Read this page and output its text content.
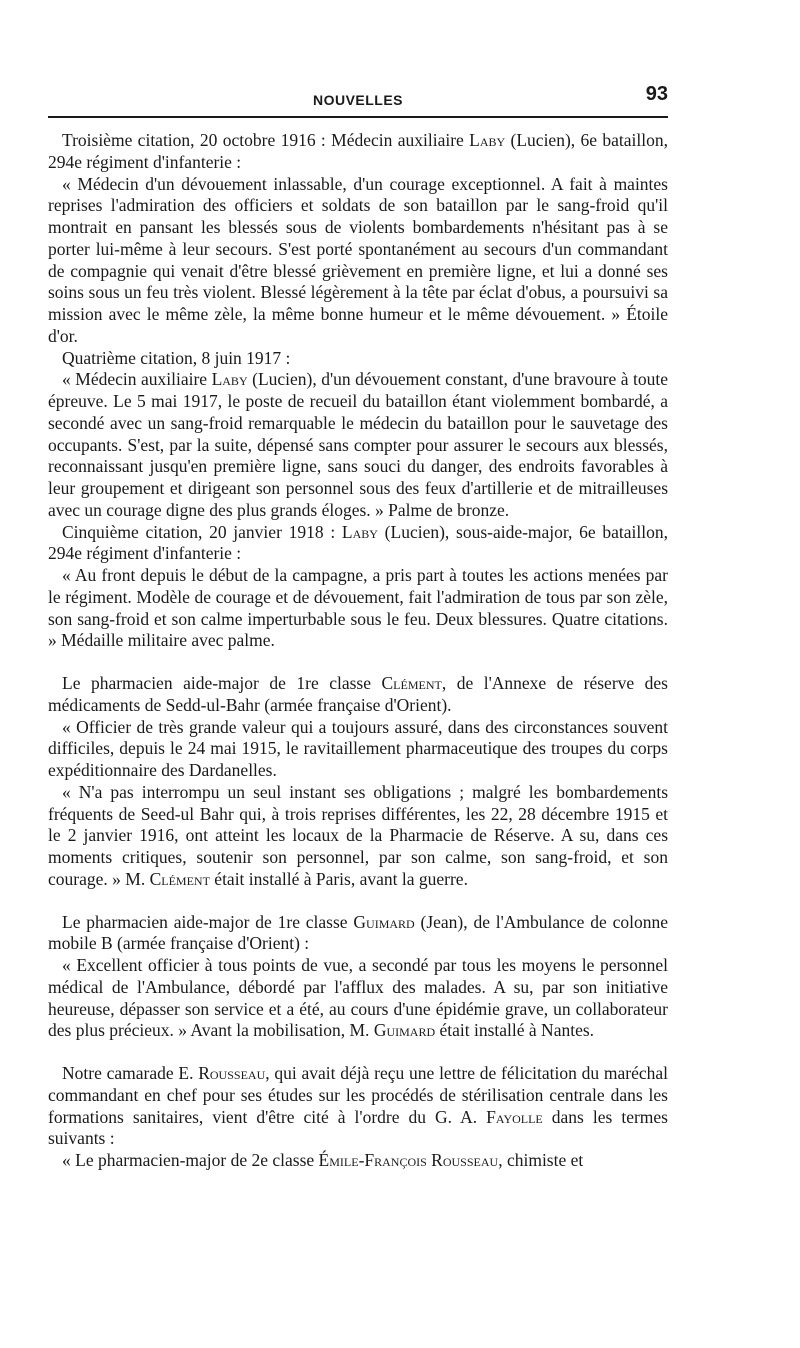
NOUVELLES	93

Troisième citation, 20 octobre 1916 : Médecin auxiliaire Laby (Lucien), 6e bataillon, 294e régiment d'infanterie :

« Médecin d'un dévouement inlassable, d'un courage exceptionnel. A fait à maintes reprises l'admiration des officiers et soldats de son bataillon par le sang-froid qu'il montrait en pansant les blessés sous de violents bombardements n'hésitant pas à se porter lui-même à leur secours. S'est porté spontanément au secours d'un commandant de compagnie qui venait d'être blessé grièvement en première ligne, et lui a donné ses soins sous un feu très violent. Blessé légèrement à la tête par éclat d'obus, a poursuivi sa mission avec le même zèle, la même bonne humeur et le même dévouement. » Étoile d'or.

Quatrième citation, 8 juin 1917 :

« Médecin auxiliaire Laby (Lucien), d'un dévouement constant, d'une bravoure à toute épreuve. Le 5 mai 1917, le poste de recueil du bataillon étant violemment bombardé, a secondé avec un sang-froid remarquable le médecin du bataillon pour le sauvetage des occupants. S'est, par la suite, dépensé sans compter pour assurer le secours aux blessés, reconnaissant jusqu'en première ligne, sans souci du danger, des endroits favorables à leur groupement et dirigeant son personnel sous des feux d'artillerie et de mitrailleuses avec un courage digne des plus grands éloges. » Palme de bronze.

Cinquième citation, 20 janvier 1918 : Laby (Lucien), sous-aide-major, 6e bataillon, 294e régiment d'infanterie :

« Au front depuis le début de la campagne, a pris part à toutes les actions menées par le régiment. Modèle de courage et de dévouement, fait l'admiration de tous par son zèle, son sang-froid et son calme imperturbable sous le feu. Deux blessures. Quatre citations. » Médaille militaire avec palme.

Le pharmacien aide-major de 1re classe Clément, de l'Annexe de réserve des médicaments de Sedd-ul-Bahr (armée française d'Orient).

« Officier de très grande valeur qui a toujours assuré, dans des circonstances souvent difficiles, depuis le 24 mai 1915, le ravitaillement pharmaceutique des troupes du corps expéditionnaire des Dardanelles.

« N'a pas interrompu un seul instant ses obligations ; malgré les bombardements fréquents de Seed-ul Bahr qui, à trois reprises différentes, les 22, 28 décembre 1915 et le 2 janvier 1916, ont atteint les locaux de la Pharmacie de Réserve. A su, dans ces moments critiques, soutenir son personnel, par son calme, son sang-froid, et son courage. » M. Clément était installé à Paris, avant la guerre.

Le pharmacien aide-major de 1re classe Guimard (Jean), de l'Ambulance de colonne mobile B (armée française d'Orient) :

« Excellent officier à tous points de vue, a secondé par tous les moyens le personnel médical de l'Ambulance, débordé par l'afflux des malades. A su, par son initiative heureuse, dépasser son service et a été, au cours d'une épidémie grave, un collaborateur des plus précieux. » Avant la mobilisation, M. Guimard était installé à Nantes.

Notre camarade E. Rousseau, qui avait déjà reçu une lettre de félicitation du maréchal commandant en chef pour ses études sur les procédés de stérilisation centrale dans les formations sanitaires, vient d'être cité à l'ordre du G. A. Fayolle dans les termes suivants :

« Le pharmacien-major de 2e classe Émile-François Rousseau, chimiste et
